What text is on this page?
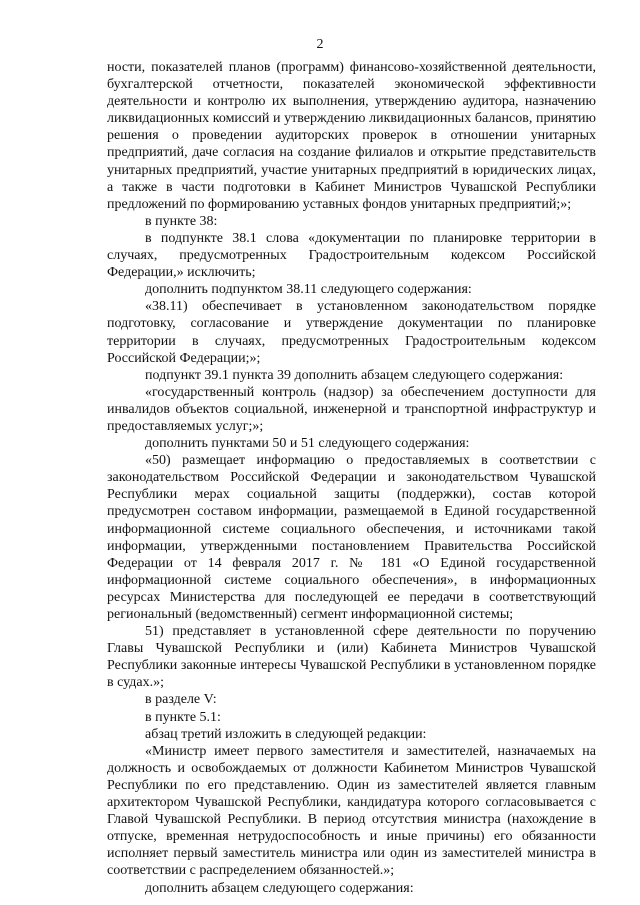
2

ности, показателей планов (программ) финансово-хозяйственной деятельности, бухгалтерской отчетности, показателей экономической эффективности деятельности и контролю их выполнения, утверждению аудитора, назначению ликвидационных комиссий и утверждению ликвидационных балансов, принятию решения о проведении аудиторских проверок в отношении унитарных предприятий, даче согласия на создание филиалов и открытие представительств унитарных предприятий, участие унитарных предприятий в юридических лицах, а также в части подготовки в Кабинет Министров Чувашской Республики предложений по формированию уставных фондов унитарных предприятий;»;

в пункте 38:

в подпункте 38.1 слова «документации по планировке территории в случаях, предусмотренных Градостроительным кодексом Российской Федерации,» исключить;

дополнить подпунктом 38.11 следующего содержания:

«38.11) обеспечивает в установленном законодательством порядке подготовку, согласование и утверждение документации по планировке территории в случаях, предусмотренных Градостроительным кодексом Российской Федерации;»;

подпункт 39.1 пункта 39 дополнить абзацем следующего содержания:

«государственный контроль (надзор) за обеспечением доступности для инвалидов объектов социальной, инженерной и транспортной инфраструктур и предоставляемых услуг;»;

дополнить пунктами 50 и 51 следующего содержания:

«50) размещает информацию о предоставляемых в соответствии с законодательством Российской Федерации и законодательством Чувашской Республики мерах социальной защиты (поддержки), состав которой предусмотрен составом информации, размещаемой в Единой государственной информационной системе социального обеспечения, и источниками такой информации, утвержденными постановлением Правительства Российской Федерации от 14 февраля 2017 г. № 181 «О Единой государственной информационной системе социального обеспечения», в информационных ресурсах Министерства для последующей ее передачи в соответствующий региональный (ведомственный) сегмент информационной системы;

51) представляет в установленной сфере деятельности по поручению Главы Чувашской Республики и (или) Кабинета Министров Чувашской Республики законные интересы Чувашской Республики в установленном порядке в судах.»;

в разделе V:

в пункте 5.1:

абзац третий изложить в следующей редакции:

«Министр имеет первого заместителя и заместителей, назначаемых на должность и освобождаемых от должности Кабинетом Министров Чувашской Республики по его представлению. Один из заместителей является главным архитектором Чувашской Республики, кандидатура которого согласовывается с Главой Чувашской Республики. В период отсутствия министра (нахождение в отпуске, временная нетрудоспособность и иные причины) его обязанности исполняет первый заместитель министра или один из заместителей министра в соответствии с распределением обязанностей.»;

дополнить абзацем следующего содержания:
